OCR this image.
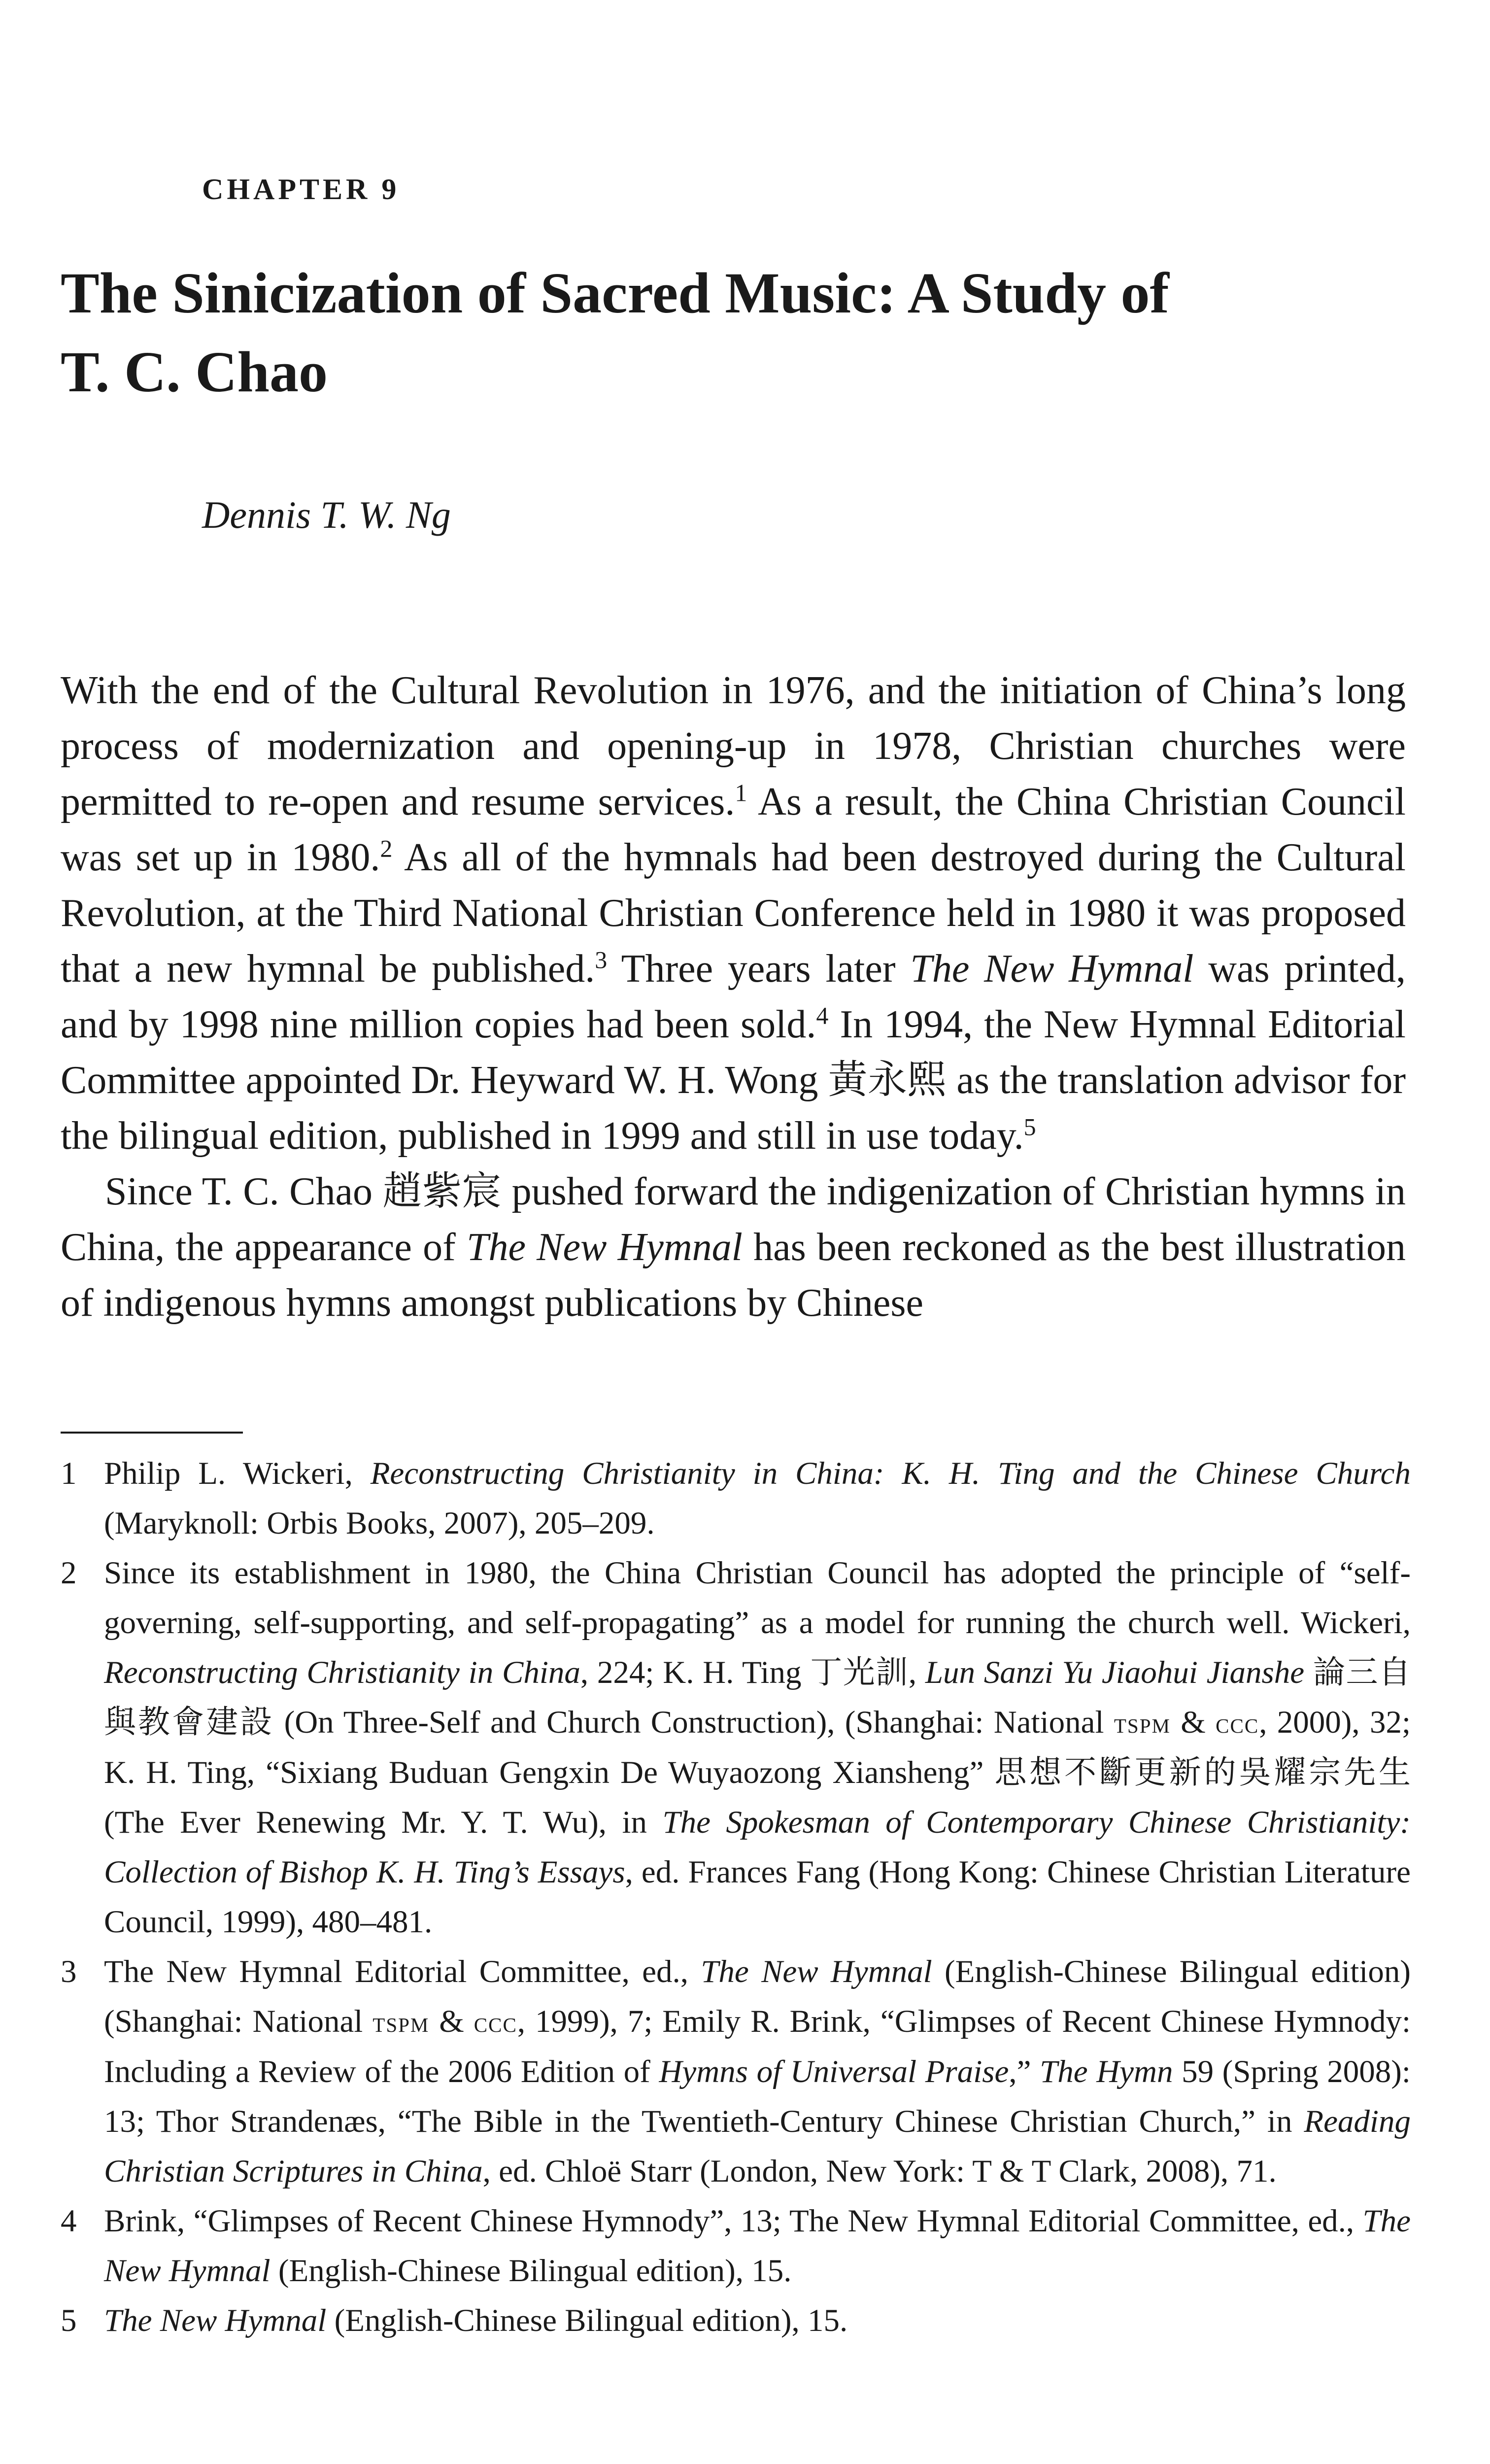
CHAPTER 9
The Sinicization of Sacred Music: A Study of
T. C. Chao
Dennis T. W. Ng

With the end of the Cultural Revolution in 1976, and the initiation of China’s long process of modernization and opening-up in 1978, Christian churches were permitted to re-open and resume services.$^1$ As a result, the China Christian Council was set up in 1980.$^2$ As all of the hymnals had been destroyed during the Cultural Revolution, at the Third National Christian Conference held in 1980 it was proposed that a new hymnal be published.$^3$ Three years later The New Hymnal was printed, and by 1998 nine million copies had been sold.$^4$ In 1994, the New Hymnal Editorial Committee appointed Dr. Heyward W. H. Wong 黃永熙 as the translation advisor for the bilingual edition, published in 1999 and still in use today.$^5$

Since T. C. Chao 趙紫宸 pushed forward the indigenization of Christian hymns in China, the appearance of The New Hymnal has been reckoned as the best illustration of indigenous hymns amongst publications by Chinese

1 Philip L. Wickeri, Reconstructing Christianity in China: K. H. Ting and the Chinese Church (Maryknoll: Orbis Books, 2007), 205–209.
2 Since its establishment in 1980, the China Christian Council has adopted the principle of “self-governing, self-supporting, and self-propagating” as a model for running the church well. Wickeri, Reconstructing Christianity in China, 224; K. H. Ting 丁光訓, Lun Sanzi Yu Jiaohui Jianshe 論三自與教會建設 (On Three-Self and Church Construction), (Shanghai: National tspm & ccc, 2000), 32; K. H. Ting, “Sixiang Buduan Gengxin De Wuyaozong Xiansheng” 思想不斷更新的吳耀宗先生 (The Ever Renewing Mr. Y. T. Wu), in The Spokesman of Contemporary Chinese Christianity: Collection of Bishop K. H. Ting’s Essays, ed. Frances Fang (Hong Kong: Chinese Christian Literature Council, 1999), 480–481.
3 The New Hymnal Editorial Committee, ed., The New Hymnal (English-Chinese Bilingual edition) (Shanghai: National tspm & ccc, 1999), 7; Emily R. Brink, “Glimpses of Recent Chinese Hymnody: Including a Review of the 2006 Edition of Hymns of Universal Praise,” The Hymn 59 (Spring 2008): 13; Thor Strandenæs, “The Bible in the Twentieth-Century Chinese Christian Church,” in Reading Christian Scriptures in China, ed. Chloë Starr (London, New York: T & T Clark, 2008), 71.
4 Brink, “Glimpses of Recent Chinese Hymnody”, 13; The New Hymnal Editorial Committee, ed., The New Hymnal (English-Chinese Bilingual edition), 15.
5 The New Hymnal (English-Chinese Bilingual edition), 15.
